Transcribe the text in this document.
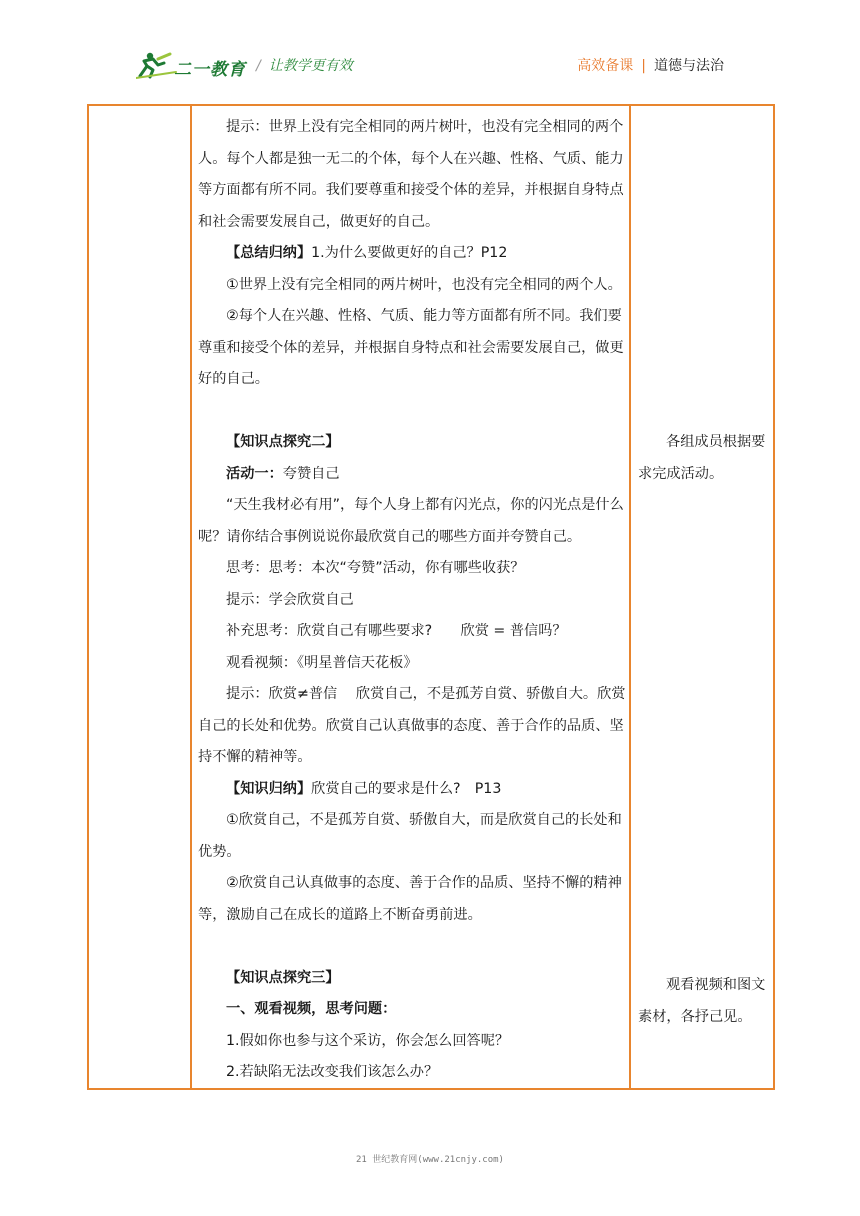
二一教育 / 让教学更有效	高效备课 | 道德与法治

提示：世界上没有完全相同的两片树叶，也没有完全相同的两个人。每个人都是独一无二的个体，每个人在兴趣、性格、气质、能力等方面都有所不同。我们要尊重和接受个体的差异，并根据自身特点和社会需要发展自己，做更好的自己。

【总结归纳】1.为什么要做更好的自己？P12

①世界上没有完全相同的两片树叶，也没有完全相同的两个人。

②每个人在兴趣、性格、气质、能力等方面都有所不同。我们要尊重和接受个体的差异，并根据自身特点和社会需要发展自己，做更好的自己。

【知识点探究二】

活动一：夸赞自己

“天生我材必有用”，每个人身上都有闪光点，你的闪光点是什么呢？请你结合事例说说你最欣赏自己的哪些方面并夸赞自己。

思考：思考：本次“夸赞”活动，你有哪些收获？

提示：学会欣赏自己

补充思考：欣赏自己有哪些要求?　　欣赏 = 普信吗？

观看视频：《明星普信天花板》

提示：欣赏≠普信　 欣赏自己，不是孤芳自赏、骄傲自大。欣赏自己的长处和优势。欣赏自己认真做事的态度、善于合作的品质、坚持不懈的精神等。

【知识归纳】欣赏自己的要求是什么?　P13

①欣赏自己，不是孤芳自赏、骄傲自大，而是欣赏自己的长处和优势。

②欣赏自己认真做事的态度、善于合作的品质、坚持不懈的精神等，激励自己在成长的道路上不断奋勇前进。

【知识点探究三】

一、观看视频，思考问题：

1.假如你也参与这个采访，你会怎么回答呢？

2.若缺陷无法改变我们该怎么办？

各组成员根据要求完成活动。

观看视频和图文素材，各抒己见。

21 世纪教育网(www.21cnjy.com)
